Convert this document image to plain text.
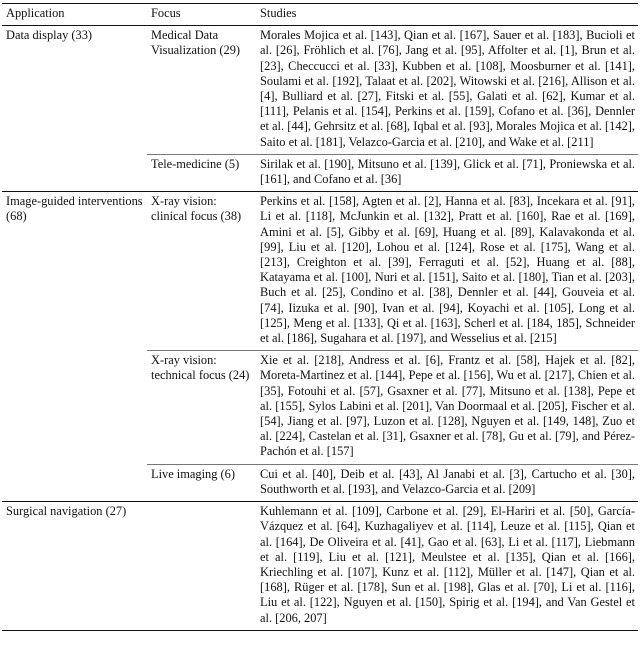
Application	Focus	Studies
Data display (33)	Medical Data Visualization (29)	Morales Mojica et al. [143], Qian et al. [167], Sauer et al. [183], Bucioli et al. [26], Fröhlich et al. [76], Jang et al. [95], Affolter et al. [1], Brun et al. [23], Checcucci et al. [33], Kubben et al. [108], Moosburner et al. [141], Soulami et al. [192], Talaat et al. [202], Witowski et al. [216], Allison et al. [4], Bulliard et al. [27], Fitski et al. [55], Galati et al. [62], Kumar et al. [111], Pelanis et al. [154], Perkins et al. [159], Cofano et al. [36], Dennler et al. [44], Gehrsitz et al. [68], Iqbal et al. [93], Morales Mojica et al. [142], Saito et al. [181], Velazco-Garcia et al. [210], and Wake et al. [211]
	Tele-medicine (5)	Sirilak et al. [190], Mitsuno et al. [139], Glick et al. [71], Proniewska et al. [161], and Cofano et al. [36]
Image-guided interventions (68)	X-ray vision: clinical focus (38)	Perkins et al. [158], Agten et al. [2], Hanna et al. [83], Incekara et al. [91], Li et al. [118], McJunkin et al. [132], Pratt et al. [160], Rae et al. [169], Amini et al. [5], Gibby et al. [69], Huang et al. [89], Kalavakonda et al. [99], Liu et al. [120], Lohou et al. [124], Rose et al. [175], Wang et al. [213], Creighton et al. [39], Ferraguti et al. [52], Huang et al. [88], Katayama et al. [100], Nuri et al. [151], Saito et al. [180], Tian et al. [203], Buch et al. [25], Condino et al. [38], Dennler et al. [44], Gouveia et al. [74], Iizuka et al. [90], Ivan et al. [94], Koyachi et al. [105], Long et al. [125], Meng et al. [133], Qi et al. [163], Scherl et al. [184, 185], Schneider et al. [186], Sugahara et al. [197], and Wesselius et al. [215]
	X-ray vision: technical focus (24)	Xie et al. [218], Andress et al. [6], Frantz et al. [58], Hajek et al. [82], Moreta-Martinez et al. [144], Pepe et al. [156], Wu et al. [217], Chien et al. [35], Fotouhi et al. [57], Gsaxner et al. [77], Mitsuno et al. [138], Pepe et al. [155], Sylos Labini et al. [201], Van Doormaal et al. [205], Fischer et al. [54], Jiang et al. [97], Luzon et al. [128], Nguyen et al. [149, 148], Zuo et al. [224], Castelan et al. [31], Gsaxner et al. [78], Gu et al. [79], and Pérez-Pachón et al. [157]
	Live imaging (6)	Cui et al. [40], Deib et al. [43], Al Janabi et al. [3], Cartucho et al. [30], Southworth et al. [193], and Velazco-Garcia et al. [209]
Surgical navigation (27)		Kuhlemann et al. [109], Carbone et al. [29], El-Hariri et al. [50], García-Vázquez et al. [64], Kuzhagaliyev et al. [114], Leuze et al. [115], Qian et al. [164], De Oliveira et al. [41], Gao et al. [63], Li et al. [117], Liebmann et al. [119], Liu et al. [121], Meulstee et al. [135], Qian et al. [166], Kriechling et al. [107], Kunz et al. [112], Müller et al. [147], Qian et al. [168], Rüger et al. [178], Sun et al. [198], Glas et al. [70], Li et al. [116], Liu et al. [122], Nguyen et al. [150], Spirig et al. [194], and Van Gestel et al. [206, 207]
